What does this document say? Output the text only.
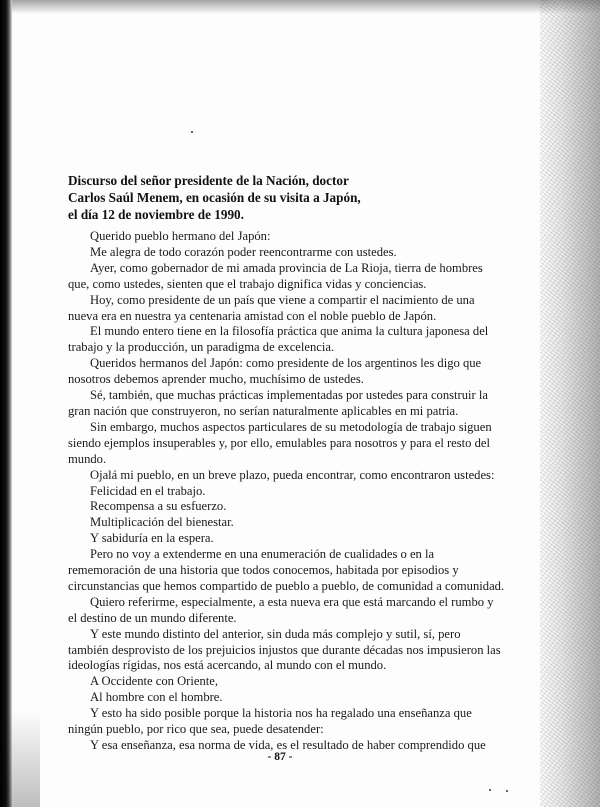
Discurso del señor presidente de la Nación, doctor
Carlos Saúl Menem, en ocasión de su visita a Japón,
el día 12 de noviembre de 1990.

Querido pueblo hermano del Japón:

Me alegra de todo corazón poder reencontrarme con ustedes.

Ayer, como gobernador de mi amada provincia de La Rioja, tierra de hombres

que, como ustedes, sienten que el trabajo dignifica vidas y conciencias.

Hoy, como presidente de un país que viene a compartir el nacimiento de una

nueva era en nuestra ya centenaria amistad con el noble pueblo de Japón.

El mundo entero tiene en la filosofía práctica que anima la cultura japonesa del

trabajo y la producción, un paradigma de excelencia.

Queridos hermanos del Japón: como presidente de los argentinos les digo que

nosotros debemos aprender mucho, muchísimo de ustedes.

Sé, también, que muchas prácticas implementadas por ustedes para construir la

gran nación que construyeron, no serían naturalmente aplicables en mi patria.

Sin embargo, muchos aspectos particulares de su metodología de trabajo siguen

siendo ejemplos insuperables y, por ello, emulables para nosotros y para el resto del

mundo.

Ojalá mi pueblo, en un breve plazo, pueda encontrar, como encontraron ustedes:

Felicidad en el trabajo.

Recompensa a su esfuerzo.

Multiplicación del bienestar.

Y sabiduría en la espera.

Pero no voy a extenderme en una enumeración de cualidades o en la

rememoración de una historia que todos conocemos, habitada por episodios y

circunstancias que hemos compartido de pueblo a pueblo, de comunidad a comunidad.

Quiero referirme, especialmente, a esta nueva era que está marcando el rumbo y

el destino de un mundo diferente.

Y este mundo distinto del anterior, sin duda más complejo y sutil, sí, pero

también desprovisto de los prejuicios injustos que durante décadas nos impusieron las

ideologías rígidas, nos está acercando, al mundo con el mundo.

A Occidente con Oriente,

Al hombre con el hombre.

Y esto ha sido posible porque la historia nos ha regalado una enseñanza que

ningún pueblo, por rico que sea, puede desatender:

Y esa enseñanza, esa norma de vida, es el resultado de haber comprendido que

- 87 -
